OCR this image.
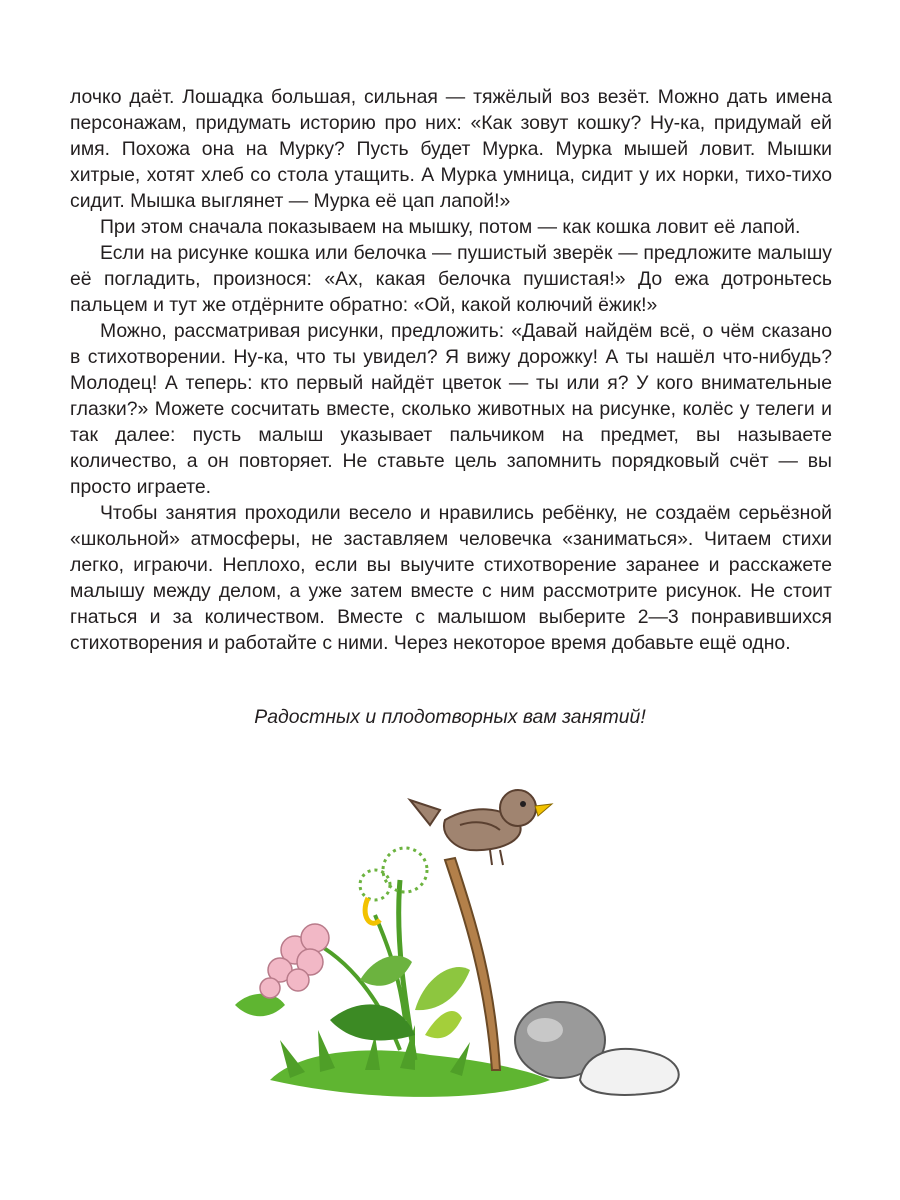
лочко даёт. Лошадка большая, сильная — тяжёлый воз везёт. Можно дать имена персонажам, придумать историю про них: «Как зовут кошку? Ну-ка, придумай ей имя. Похожа она на Мурку? Пусть будет Мурка. Мурка мышей ловит. Мышки хитрые, хотят хлеб со стола утащить. А Мурка умница, сидит у их норки, тихо-тихо сидит. Мышка выглянет — Мурка её цап лапой!»

При этом сначала показываем на мышку, потом — как кошка ловит её лапой.

Если на рисунке кошка или белочка — пушистый зверёк — предложите малышу её погладить, произнося: «Ах, какая белочка пушистая!» До ежа дотроньтесь пальцем и тут же отдёрните обратно: «Ой, какой колючий ёжик!»

Можно, рассматривая рисунки, предложить: «Давай найдём всё, о чём сказано в стихотворении. Ну-ка, что ты увидел? Я вижу дорожку! А ты нашёл что-нибудь? Молодец! А теперь: кто первый найдёт цветок — ты или я? У кого внимательные глазки?» Можете сосчитать вместе, сколько животных на рисунке, колёс у телеги и так далее: пусть малыш указывает пальчиком на предмет, вы называете количество, а он повторяет. Не ставьте цель запомнить порядковый счёт — вы просто играете.

Чтобы занятия проходили весело и нравились ребёнку, не создаём серьёзной «школьной» атмосферы, не заставляем человечка «заниматься». Читаем стихи легко, играючи. Неплохо, если вы выучите стихотворение заранее и расскажете малышу между делом, а уже затем вместе с ним рассмотрите рисунок. Не стоит гнаться и за количеством. Вместе с малышом выберите 2—3 понравившихся стихотворения и работайте с ними. Через некоторое время добавьте ещё одно.

Радостных и плодотворных вам занятий!
